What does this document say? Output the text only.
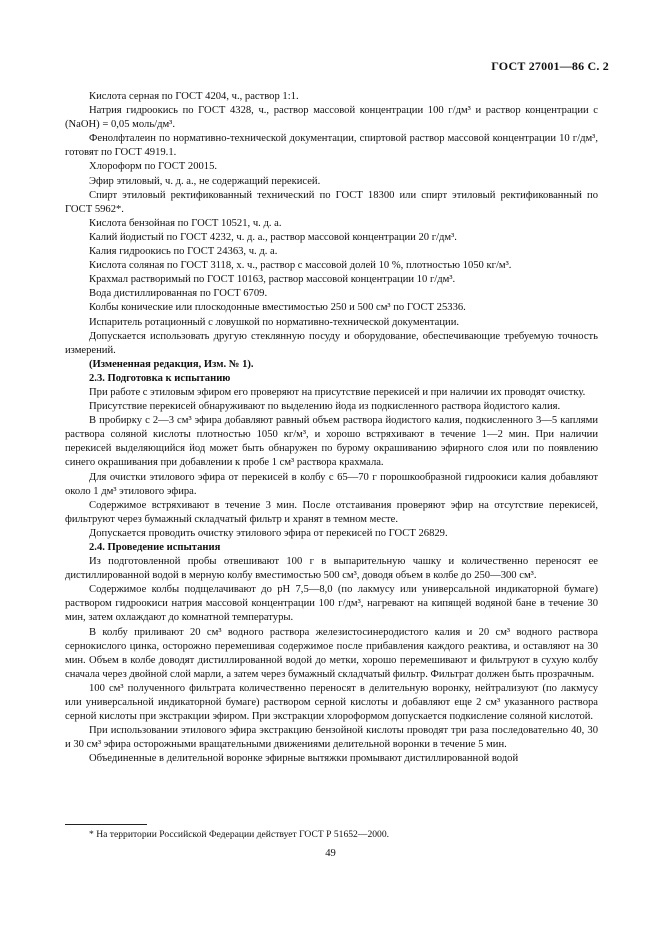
ГОСТ 27001—86 С. 2

Кислота серная по ГОСТ 4204, ч., раствор 1:1.

Натрия гидроокись по ГОСТ 4328, ч., раствор массовой концентрации 100 г/дм³ и раствор концентрации c (NaOH) = 0,05 моль/дм³.

Фенолфталеин по нормативно-технической документации, спиртовой раствор массовой концентрации 10 г/дм³, готовят по ГОСТ 4919.1.

Хлороформ по ГОСТ 20015.

Эфир этиловый, ч. д. а., не содержащий перекисей.

Спирт этиловый ректификованный технический по ГОСТ 18300 или спирт этиловый ректификованный по ГОСТ 5962*.

Кислота бензойная по ГОСТ 10521, ч. д. а.

Калий йодистый по ГОСТ 4232, ч. д. а., раствор массовой концентрации 20 г/дм³.

Калия гидроокись по ГОСТ 24363, ч. д. а.

Кислота соляная по ГОСТ 3118, х. ч., раствор с массовой долей 10 %, плотностью 1050 кг/м³.

Крахмал растворимый по ГОСТ 10163, раствор массовой концентрации 10 г/дм³.

Вода дистиллированная по ГОСТ 6709.

Колбы конические или плоскодонные вместимостью 250 и 500 см³ по ГОСТ 25336.

Испаритель ротационный с ловушкой по нормативно-технической документации.

Допускается использовать другую стеклянную посуду и оборудование, обеспечивающие требуемую точность измерений.

(Измененная редакция, Изм. № 1).

2.3. Подготовка к испытанию

При работе с этиловым эфиром его проверяют на присутствие перекисей и при наличии их проводят очистку.

Присутствие перекисей обнаруживают по выделению йода из подкисленного раствора йодистого калия.

В пробирку с 2—3 см³ эфира добавляют равный объем раствора йодистого калия, подкисленного 3—5 каплями раствора соляной кислоты плотностью 1050 кг/м³, и хорошо встряхивают в течение 1—2 мин. При наличии перекисей выделяющийся йод может быть обнаружен по бурому окрашиванию эфирного слоя или по появлению синего окрашивания при добавлении к пробе 1 см³ раствора крахмала.

Для очистки этилового эфира от перекисей в колбу с 65—70 г порошкообразной гидроокиси калия добавляют около 1 дм³ этилового эфира.

Содержимое встряхивают в течение 3 мин. После отстаивания проверяют эфир на отсутствие перекисей, фильтруют через бумажный складчатый фильтр и хранят в темном месте.

Допускается проводить очистку этилового эфира от перекисей по ГОСТ 26829.

2.4. Проведение испытания

Из подготовленной пробы отвешивают 100 г в выпарительную чашку и количественно переносят ее дистиллированной водой в мерную колбу вместимостью 500 см³, доводя объем в колбе до 250—300 см³.

Содержимое колбы подщелачивают до pH 7,5—8,0 (по лакмусу или универсальной индикаторной бумаге) раствором гидроокиси натрия массовой концентрации 100 г/дм³, нагревают на кипящей водяной бане в течение 30 мин, затем охлаждают до комнатной температуры.

В колбу приливают 20 см³ водного раствора железистосинеродистого калия и 20 см³ водного раствора сернокислого цинка, осторожно перемешивая содержимое после прибавления каждого реактива, и оставляют на 30 мин. Объем в колбе доводят дистиллированной водой до метки, хорошо перемешивают и фильтруют в сухую колбу сначала через двойной слой марли, а затем через бумажный складчатый фильтр. Фильтрат должен быть прозрачным.

100 см³ полученного фильтрата количественно переносят в делительную воронку, нейтрализуют (по лакмусу или универсальной индикаторной бумаге) раствором серной кислоты и добавляют еще 2 см³ указанного раствора серной кислоты при экстракции эфиром. При экстракции хлороформом допускается подкисление соляной кислотой.

При использовании этилового эфира экстракцию бензойной кислоты проводят три раза последовательно 40, 30 и 30 см³ эфира осторожными вращательными движениями делительной воронки в течение 5 мин.

Объединенные в делительной воронке эфирные вытяжки промывают дистиллированной водой

* На территории Российской Федерации действует ГОСТ Р 51652—2000.
49
